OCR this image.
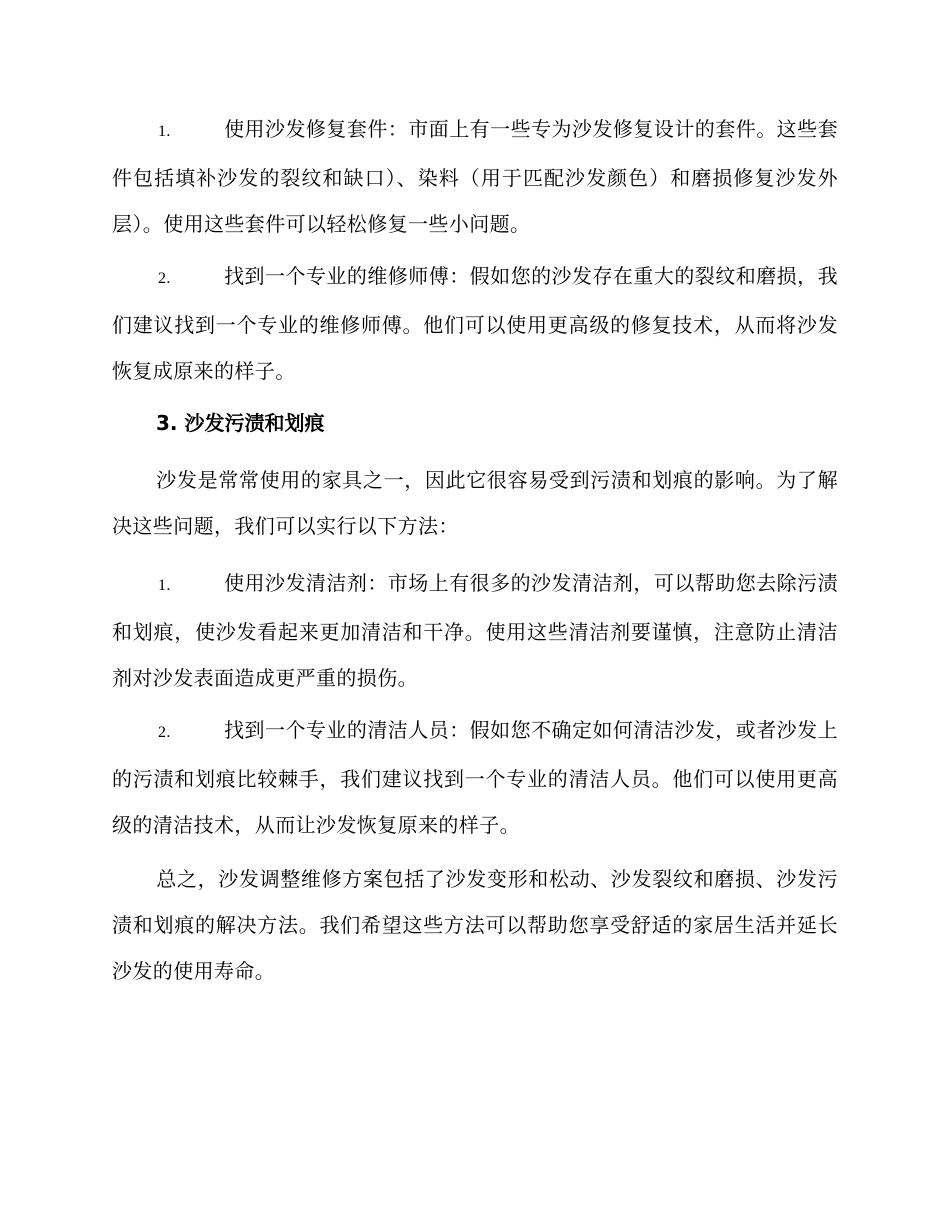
1.	使用沙发修复套件：市面上有一些专为沙发修复设计的套件。这些套件包括填补沙发的裂纹和缺口）、染料（用于匹配沙发颜色）和磨损修复沙发外层）。使用这些套件可以轻松修复一些小问题。
2.	找到一个专业的维修师傅：假如您的沙发存在重大的裂纹和磨损，我们建议找到一个专业的维修师傅。他们可以使用更高级的修复技术，从而将沙发恢复成原来的样子。
3. 沙发污渍和划痕
沙发是常常使用的家具之一，因此它很容易受到污渍和划痕的影响。为了解决这些问题，我们可以实行以下方法：
1.	使用沙发清洁剂：市场上有很多的沙发清洁剂，可以帮助您去除污渍和划痕，使沙发看起来更加清洁和干净。使用这些清洁剂要谨慎，注意防止清洁剂对沙发表面造成更严重的损伤。
2.	找到一个专业的清洁人员：假如您不确定如何清洁沙发，或者沙发上的污渍和划痕比较棘手，我们建议找到一个专业的清洁人员。他们可以使用更高级的清洁技术，从而让沙发恢复原来的样子。
总之，沙发调整维修方案包括了沙发变形和松动、沙发裂纹和磨损、沙发污渍和划痕的解决方法。我们希望这些方法可以帮助您享受舒适的家居生活并延长沙发的使用寿命。
